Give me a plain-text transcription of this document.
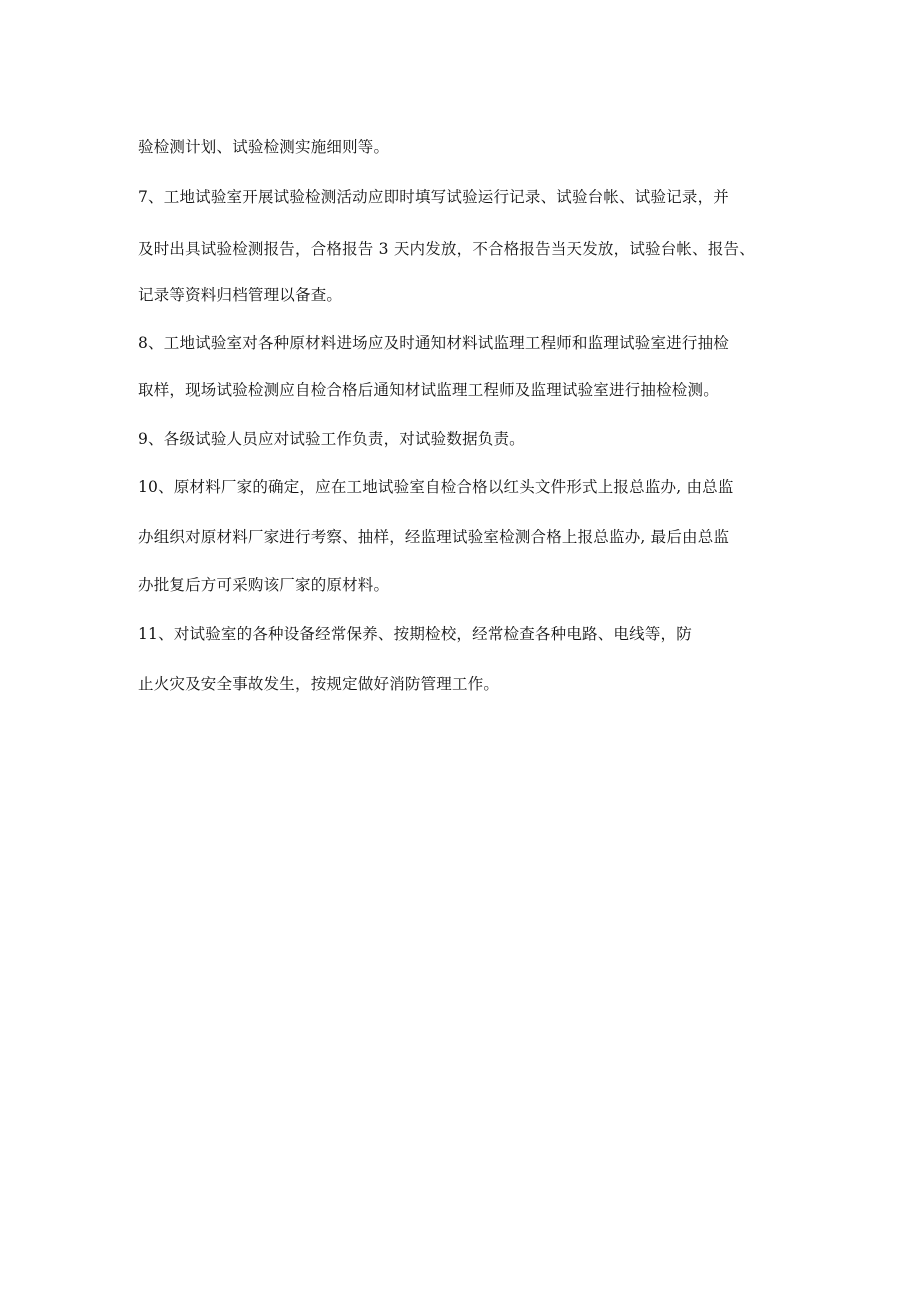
验检测计划、试验检测实施细则等。
7、工地试验室开展试验检测活动应即时填写试验运行记录、试验台帐、试验记录，并
及时出具试验检测报告，合格报告 3 天内发放，不合格报告当天发放，试验台帐、报告、
记录等资料归档管理以备查。
8、工地试验室对各种原材料进场应及时通知材料试监理工程师和监理试验室进行抽检
取样，现场试验检测应自检合格后通知材试监理工程师及监理试验室进行抽检检测。
9、各级试验人员应对试验工作负责，对试验数据负责。
10、原材料厂家的确定，应在工地试验室自检合格以红头文件形式上报总监办, 由总监
办组织对原材料厂家进行考察、抽样，经监理试验室检测合格上报总监办, 最后由总监
办批复后方可采购该厂家的原材料。
11、对试验室的各种设备经常保养、按期检校，经常检查各种电路、电线等，防
止火灾及安全事故发生，按规定做好消防管理工作。
